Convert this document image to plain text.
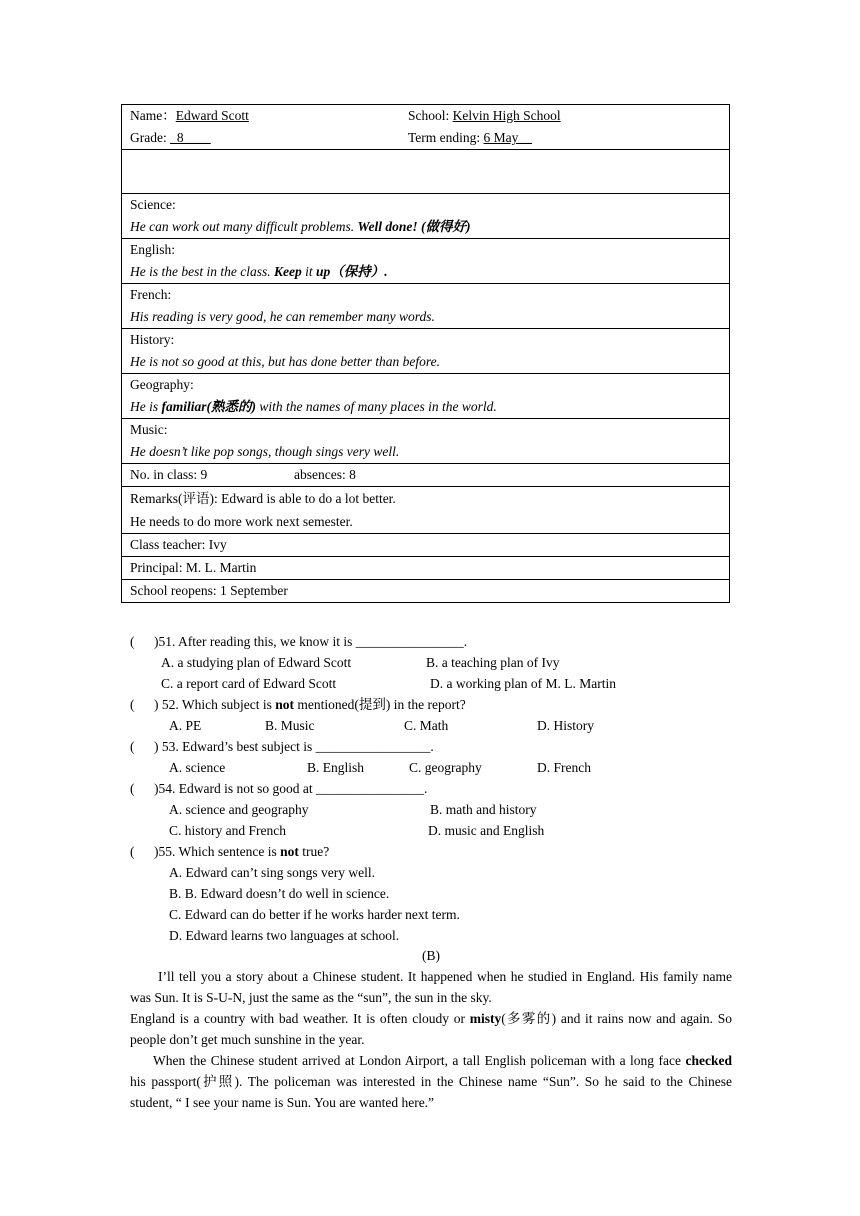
Name：Edward Scott	School: Kelvin High School
Grade: _8____	Term ending: 6 May__

Science:
He can work out many difficult problems. Well done! (做得好)

English:
He is the best in the class. Keep it up（保持）.

French:
His reading is very good, he can remember many words.

History:
He is not so good at this, but has done better than before.

Geography:
He is familiar(熟悉的) with the names of many places in the world.

Music:
He doesn’t like pop songs, though sings very well.

No. in class: 9	absences: 8

Remarks(评语): Edward is able to do a lot better.
He needs to do more work next semester.

Class teacher: Ivy

Principal: M. L. Martin

School reopens: 1 September
( )51. After reading this, we know it is ________________.
A. a studying plan of Edward Scott	B. a teaching plan of Ivy
C. a report card of Edward Scott	D. a working plan of M. L. Martin
( ) 52. Which subject is not mentioned(提到) in the report?
A. PE	B. Music	C. Math	D. History
( ) 53. Edward’s best subject is _________________.
A. science	B. English	C. geography	D. French
( )54. Edward is not so good at ________________.
A. science and geography	B. math and history
C. history and French	D. music and English
( )55. Which sentence is not true?
A. Edward can’t sing songs very well.
B. B. Edward doesn’t do well in science.
C. Edward can do better if he works harder next term.
D. Edward learns two languages at school.

(B)

I’ll tell you a story about a Chinese student. It happened when he studied in England. His family name was Sun. It is S-U-N, just the same as the “sun”, the sun in the sky.

England is a country with bad weather. It is often cloudy or misty(多雾的) and it rains now and again. So people don’t get much sunshine in the year.

When the Chinese student arrived at London Airport, a tall English policeman with a long face checked his passport(护照). The policeman was interested in the Chinese name “Sun”. So he said to the Chinese student, “ I see your name is Sun. You are wanted here.”
